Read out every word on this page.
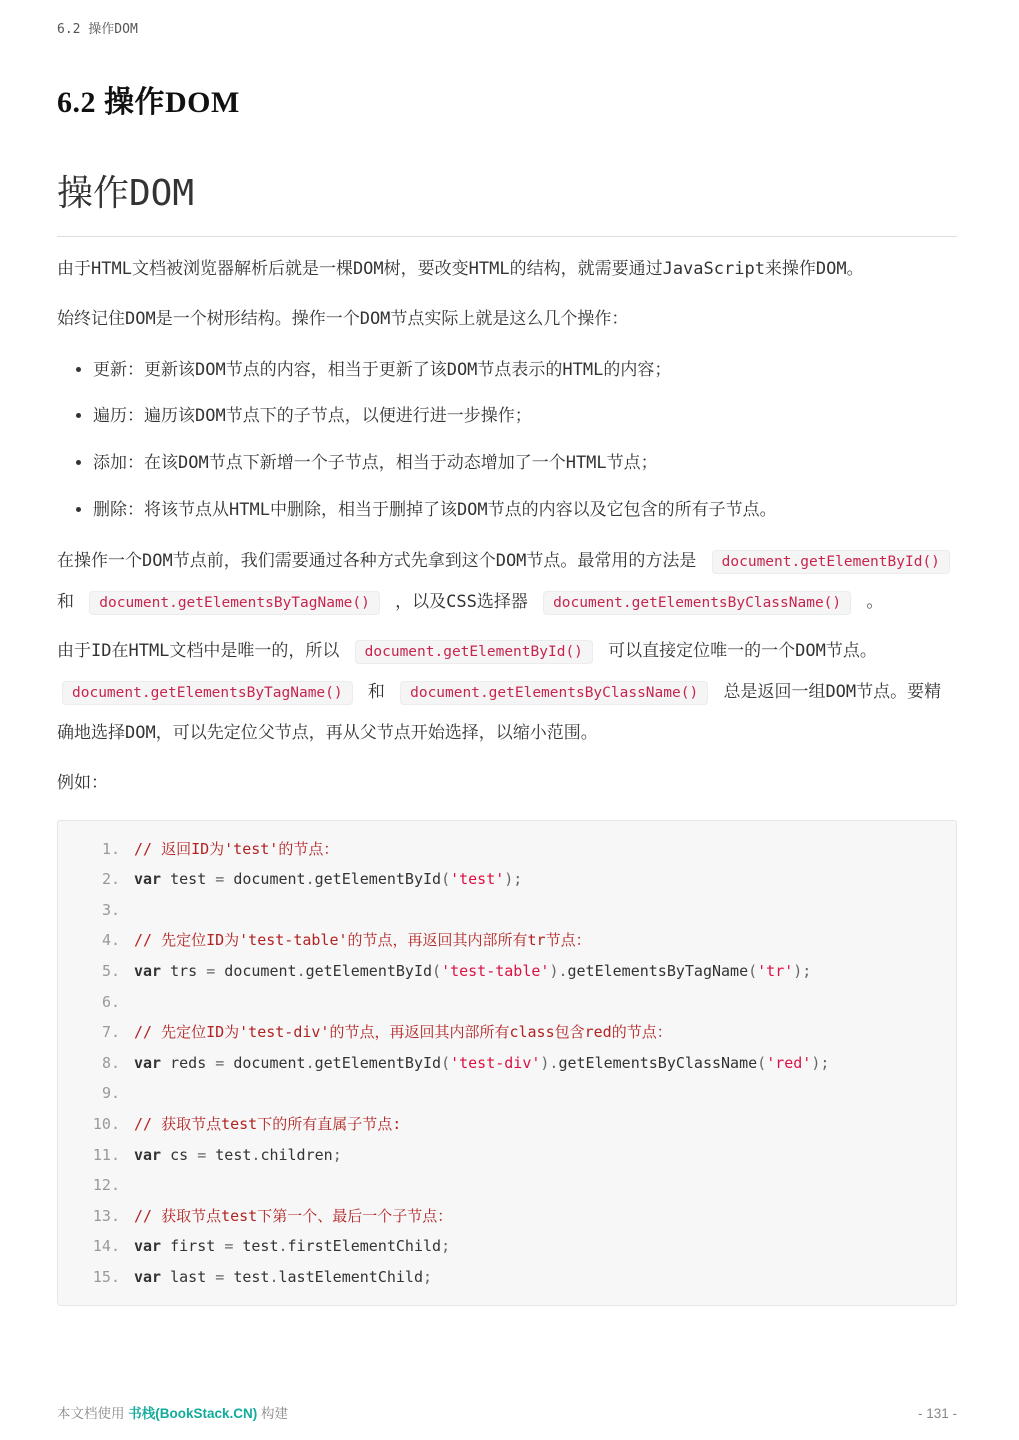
6.2 操作DOM
6.2 操作DOM
操作DOM

由于HTML文档被浏览器解析后就是一棵DOM树，要改变HTML的结构，就需要通过JavaScript来操作DOM。

始终记住DOM是一个树形结构。操作一个DOM节点实际上就是这么几个操作：

• 更新：更新该DOM节点的内容，相当于更新了该DOM节点表示的HTML的内容；
• 遍历：遍历该DOM节点下的子节点，以便进行进一步操作；
• 添加：在该DOM节点下新增一个子节点，相当于动态增加了一个HTML节点；
• 删除：将该节点从HTML中删除，相当于删掉了该DOM节点的内容以及它包含的所有子节点。

在操作一个DOM节点前，我们需要通过各种方式先拿到这个DOM节点。最常用的方法是 document.getElementById() 和 document.getElementsByTagName() ，以及CSS选择器 document.getElementsByClassName() 。

由于ID在HTML文档中是唯一的，所以 document.getElementById() 可以直接定位唯一的一个DOM节点。 document.getElementsByTagName() 和 document.getElementsByClassName() 总是返回一组DOM节点。要精确地选择DOM，可以先定位父节点，再从父节点开始选择，以缩小范围。

例如：

1. // 返回ID为'test'的节点：
2. var test = document.getElementById('test');
3.
4. // 先定位ID为'test-table'的节点，再返回其内部所有tr节点：
5. var trs = document.getElementById('test-table').getElementsByTagName('tr');
6.
7. // 先定位ID为'test-div'的节点，再返回其内部所有class包含red的节点：
8. var reds = document.getElementById('test-div').getElementsByClassName('red');
9.
10. // 获取节点test下的所有直属子节点:
11. var cs = test.children;
12.
13. // 获取节点test下第一个、最后一个子节点：
14. var first = test.firstElementChild;
15. var last = test.lastElementChild;
本文档使用 书栈(BookStack.CN) 构建	- 131 -
